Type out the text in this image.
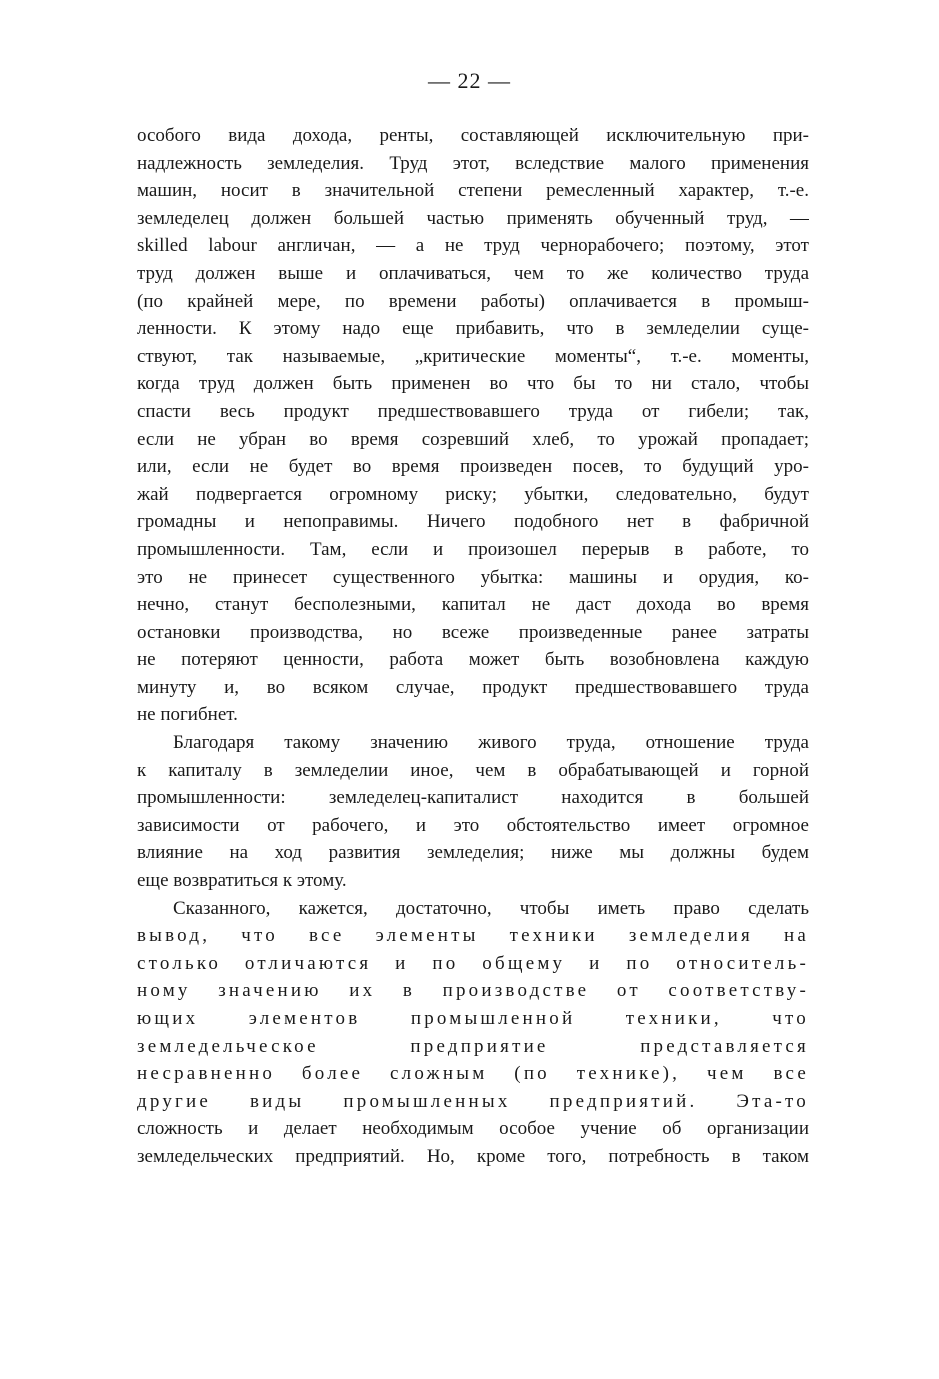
— 22 —
особого вида дохода, ренты, составляющей исключительную при-
надлежность земледелия. Труд этот, вследствие малого применения
машин, носит в значительной степени ремесленный характер, т.-е.
земледелец должен большей частью применять обученный труд, —
skilled labour англичан, — а не труд чернорабочего; поэтому, этот
труд должен выше и оплачиваться, чем то же количество труда
(по крайней мере, по времени работы) оплачивается в промыш-
ленности. К этому надо еще прибавить, что в земледелии суще-
ствуют, так называемые, „критические моменты“, т.-е. моменты,
когда труд должен быть применен во что бы то ни стало, чтобы
спасти весь продукт предшествовавшего труда от гибели; так,
если не убран во время созревший хлеб, то урожай пропадает;
или, если не будет во время произведен посев, то будущий уро-
жай подвергается огромному риску; убытки, следовательно, будут
громадны и непоправимы. Ничего подобного нет в фабричной
промышленности. Там, если и произошел перерыв в работе, то
это не принесет существенного убытка: машины и орудия, ко-
нечно, станут бесполезными, капитал не даст дохода во время
остановки производства, но всеже произведенные ранее затраты
не потеряют ценности, работа может быть возобновлена каждую
минуту и, во всяком случае, продукт предшествовавшего труда
не погибнет.
Благодаря такому значению живого труда, отношение труда
к капиталу в земледелии иное, чем в обрабатывающей и горной
промышленности: земледелец-капиталист находится в большей
зависимости от рабочего, и это обстоятельство имеет огромное
влияние на ход развития земледелия; ниже мы должны будем
еще возвратиться к этому.
Сказанного, кажется, достаточно, чтобы иметь право сделать
вывод, что все элементы техники земледелия на
столько отличаются и по общему и по относитель-
ному значению их в производстве от соответству-
ющих элементов промышленной техники, что
земледельческое предприятие представляется
несравненно более сложным (по технике), чем все
другие виды промышленных предприятий. Эта-то
сложность и делает необходимым особое учение об организации
земледельческих предприятий. Но, кроме того, потребность в таком
